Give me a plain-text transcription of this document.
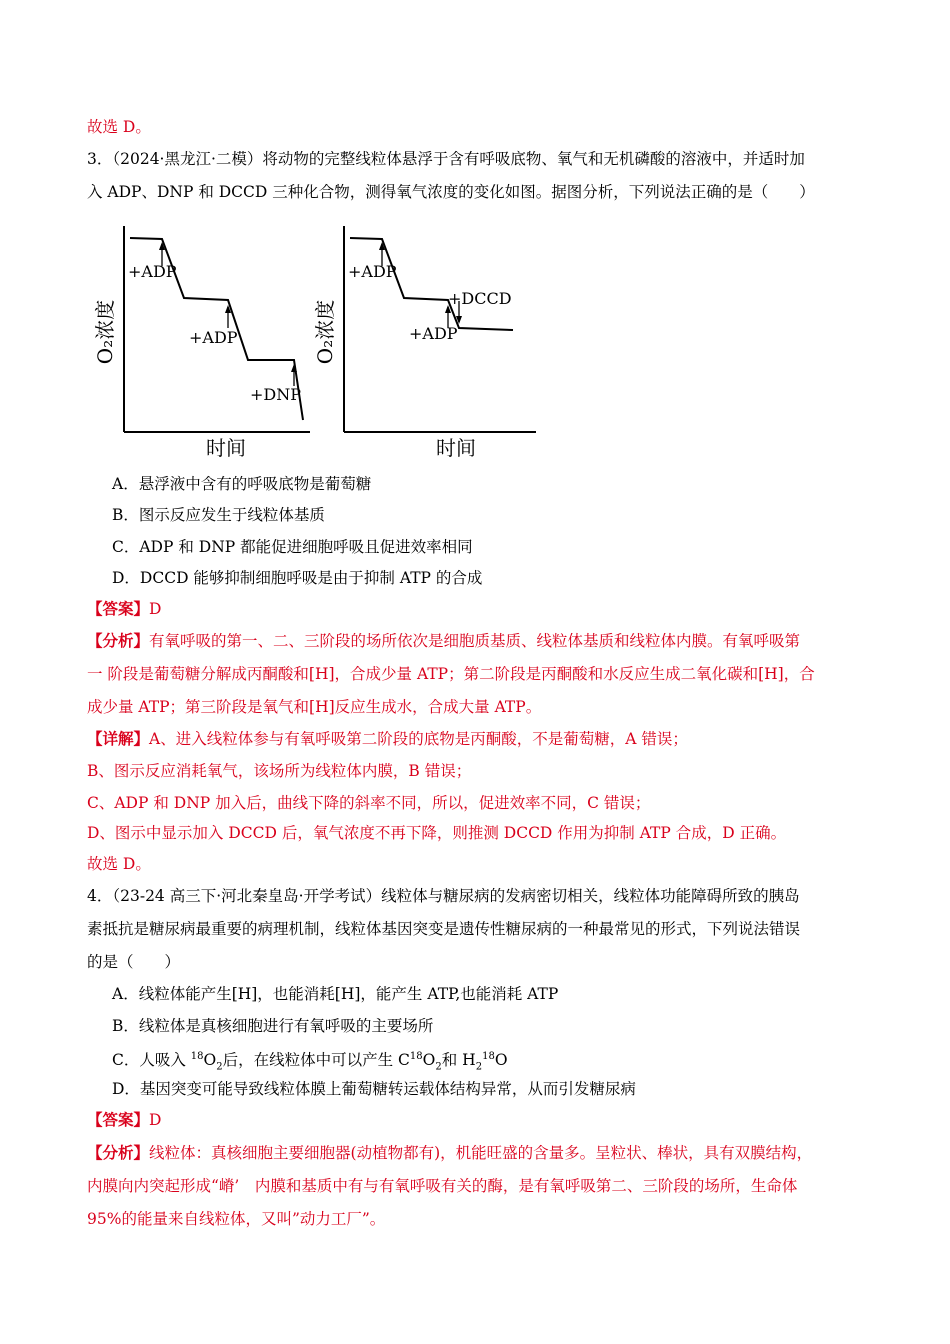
故选 D。
3．（2024·黑龙江·二模）将动物的完整线粒体悬浮于含有呼吸底物、氧气和无机磷酸的溶液中，并适时加
入 ADP、DNP 和 DCCD 三种化合物，测得氧气浓度的变化如图。据图分析，下列说法正确的是（　　）
+ADP
+ADP
+DNP
O₂浓度
时间
+ADP
+DCCD
+ADP
O₂浓度
时间
A．悬浮液中含有的呼吸底物是葡萄糖
B．图示反应发生于线粒体基质
C．ADP 和 DNP 都能促进细胞呼吸且促进效率相同
D．DCCD 能够抑制细胞呼吸是由于抑制 ATP 的合成
【答案】D
【分析】有氧呼吸的第一、二、三阶段的场所依次是细胞质基质、线粒体基质和线粒体内膜。有氧呼吸第
一 阶段是葡萄糖分解成丙酮酸和[H]，合成少量 ATP；第二阶段是丙酮酸和水反应生成二氧化碳和[H]，合
成少量 ATP；第三阶段是氧气和[H]反应生成水，合成大量 ATP。
【详解】A、进入线粒体参与有氧呼吸第二阶段的底物是丙酮酸，不是葡萄糖，A 错误；
B、图示反应消耗氧气，该场所为线粒体内膜，B 错误；
C、ADP 和 DNP 加入后，曲线下降的斜率不同，所以，促进效率不同，C 错误；
D、图示中显示加入 DCCD 后，氧气浓度不再下降，则推测 DCCD 作用为抑制 ATP 合成，D 正确。
故选 D。
4．（23-24 高三下·河北秦皇岛·开学考试）线粒体与糖尿病的发病密切相关，线粒体功能障碍所致的胰岛
素抵抗是糖尿病最重要的病理机制，线粒体基因突变是遗传性糖尿病的一种最常见的形式，下列说法错误
的是（　　）
A．线粒体能产生[H]，也能消耗[H]，能产生 ATP,也能消耗 ATP
B．线粒体是真核细胞进行有氧呼吸的主要场所
C．人吸入 $^{18}O_2$后，在线粒体中可以产生 $C^{18}O_2$和 $H_2^{18}O$
D．基因突变可能导致线粒体膜上葡萄糖转运载体结构异常，从而引发糖尿病
【答案】D
【分析】线粒体：真核细胞主要细胞器(动植物都有)，机能旺盛的含量多。呈粒状、棒状，具有双膜结构，
内膜向内突起形成“嵴’　内膜和基质中有与有氧呼吸有关的酶，是有氧呼吸第二、三阶段的场所，生命体
95%的能量来自线粒体，又叫”动力工厂”。
